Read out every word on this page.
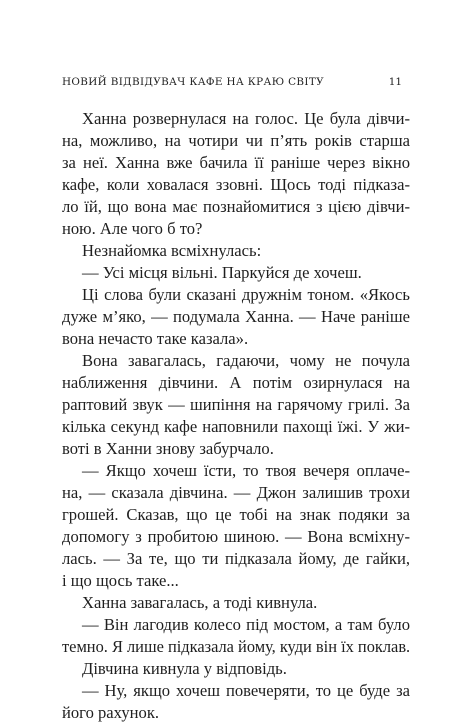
НОВИЙ ВІДВІДУВАЧ КАФЕ НА КРАЮ СВІТУ	11
Ханна розвернулася на голос. Це була дівчи-
на, можливо, на чотири чи п’ять років старша
за неї. Ханна вже бачила її раніше через вікно
кафе, коли ховалася ззовні. Щось тоді підказа-
ло їй, що вона має познайомитися з цією дівчи-
ною. Але чого б то?
Незнайомка всміхнулась:
— Усі місця вільні. Паркуйся де хочеш.
Ці слова були сказані дружнім тоном. «Якось
дуже м’яко, — подумала Ханна. — Наче раніше
вона нечасто таке казала».
Вона завагалась, гадаючи, чому не почула
наближення дівчини. А потім озирнулася на
раптовий звук — шипіння на гарячому грилі. За
кілька секунд кафе наповнили пахощі їжі. У жи-
воті в Ханни знову забурчало.
— Якщо хочеш їсти, то твоя вечеря оплаче-
на, — сказала дівчина. — Джон залишив трохи
грошей. Сказав, що це тобі на знак подяки за
допомогу з пробитою шиною. — Вона всміхну-
лась. — За те, що ти підказала йому, де гайки,
і що щось таке...
Ханна завагалась, а тоді кивнула.
— Він лагодив колесо під мостом, а там було
темно. Я лише підказала йому, куди він їх поклав.
Дівчина кивнула у відповідь.
— Ну, якщо хочеш повечеряти, то це буде за
його рахунок.
